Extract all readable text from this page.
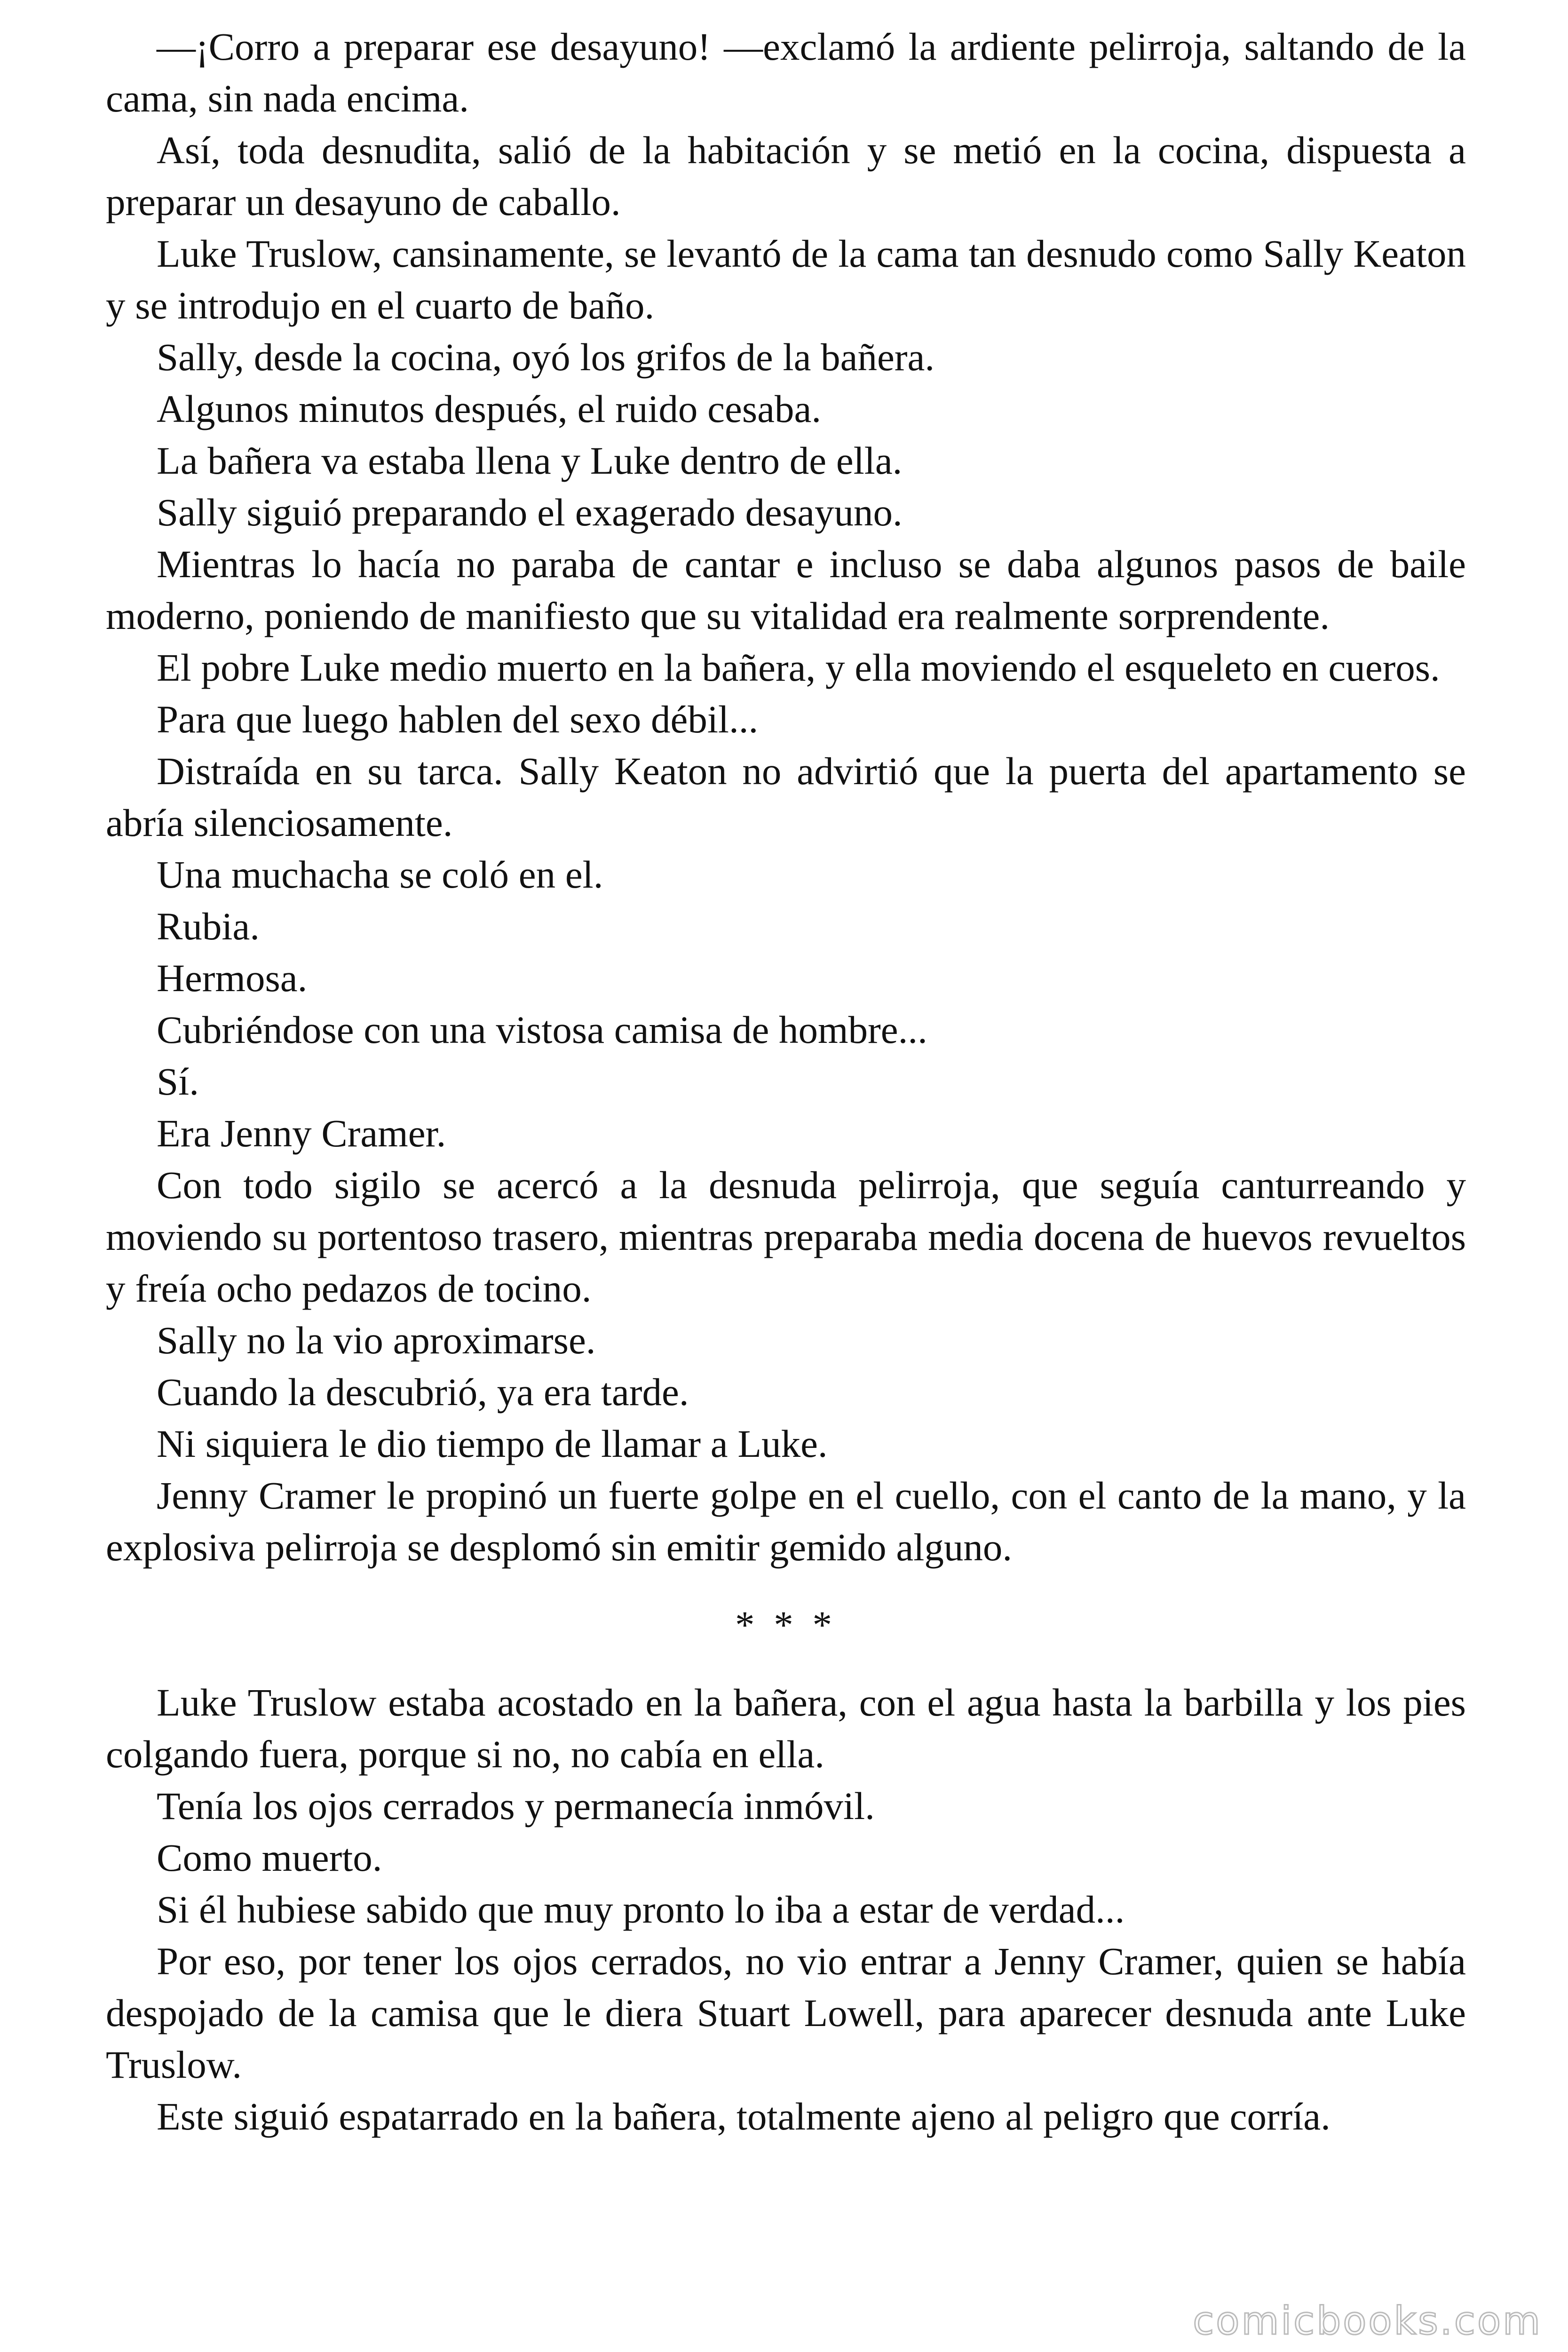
—¡Corro a preparar ese desayuno! —exclamó la ardiente pelirroja, saltando de la cama, sin nada encima.

Así, toda desnudita, salió de la habitación y se metió en la cocina, dispuesta a preparar un desayuno de caballo.

Luke Truslow, cansinamente, se levantó de la cama tan desnudo como Sally Keaton y se introdujo en el cuarto de baño.

Sally, desde la cocina, oyó los grifos de la bañera.

Algunos minutos después, el ruido cesaba.

La bañera va estaba llena y Luke dentro de ella.

Sally siguió preparando el exagerado desayuno.

Mientras lo hacía no paraba de cantar e incluso se daba algunos pasos de baile moderno, poniendo de manifiesto que su vitalidad era realmente sorprendente.

El pobre Luke medio muerto en la bañera, y ella moviendo el esqueleto en cueros.

Para que luego hablen del sexo débil...

Distraída en su tarca. Sally Keaton no advirtió que la puerta del apartamento se abría silenciosamente.

Una muchacha se coló en el.

Rubia.

Hermosa.

Cubriéndose con una vistosa camisa de hombre...

Sí.

Era Jenny Cramer.

Con todo sigilo se acercó a la desnuda pelirroja, que seguía canturreando y moviendo su portentoso trasero, mientras preparaba media docena de huevos revueltos y freía ocho pedazos de tocino.

Sally no la vio aproximarse.

Cuando la descubrió, ya era tarde.

Ni siquiera le dio tiempo de llamar a Luke.

Jenny Cramer le propinó un fuerte golpe en el cuello, con el canto de la mano, y la explosiva pelirroja se desplomó sin emitir gemido alguno.

* * *

Luke Truslow estaba acostado en la bañera, con el agua hasta la barbilla y los pies colgando fuera, porque si no, no cabía en ella.

Tenía los ojos cerrados y permanecía inmóvil.

Como muerto.

Si él hubiese sabido que muy pronto lo iba a estar de verdad...

Por eso, por tener los ojos cerrados, no vio entrar a Jenny Cramer, quien se había despojado de la camisa que le diera Stuart Lowell, para aparecer desnuda ante Luke Truslow.

Este siguió espatarrado en la bañera, totalmente ajeno al peligro que corría.

comicbooks.com
